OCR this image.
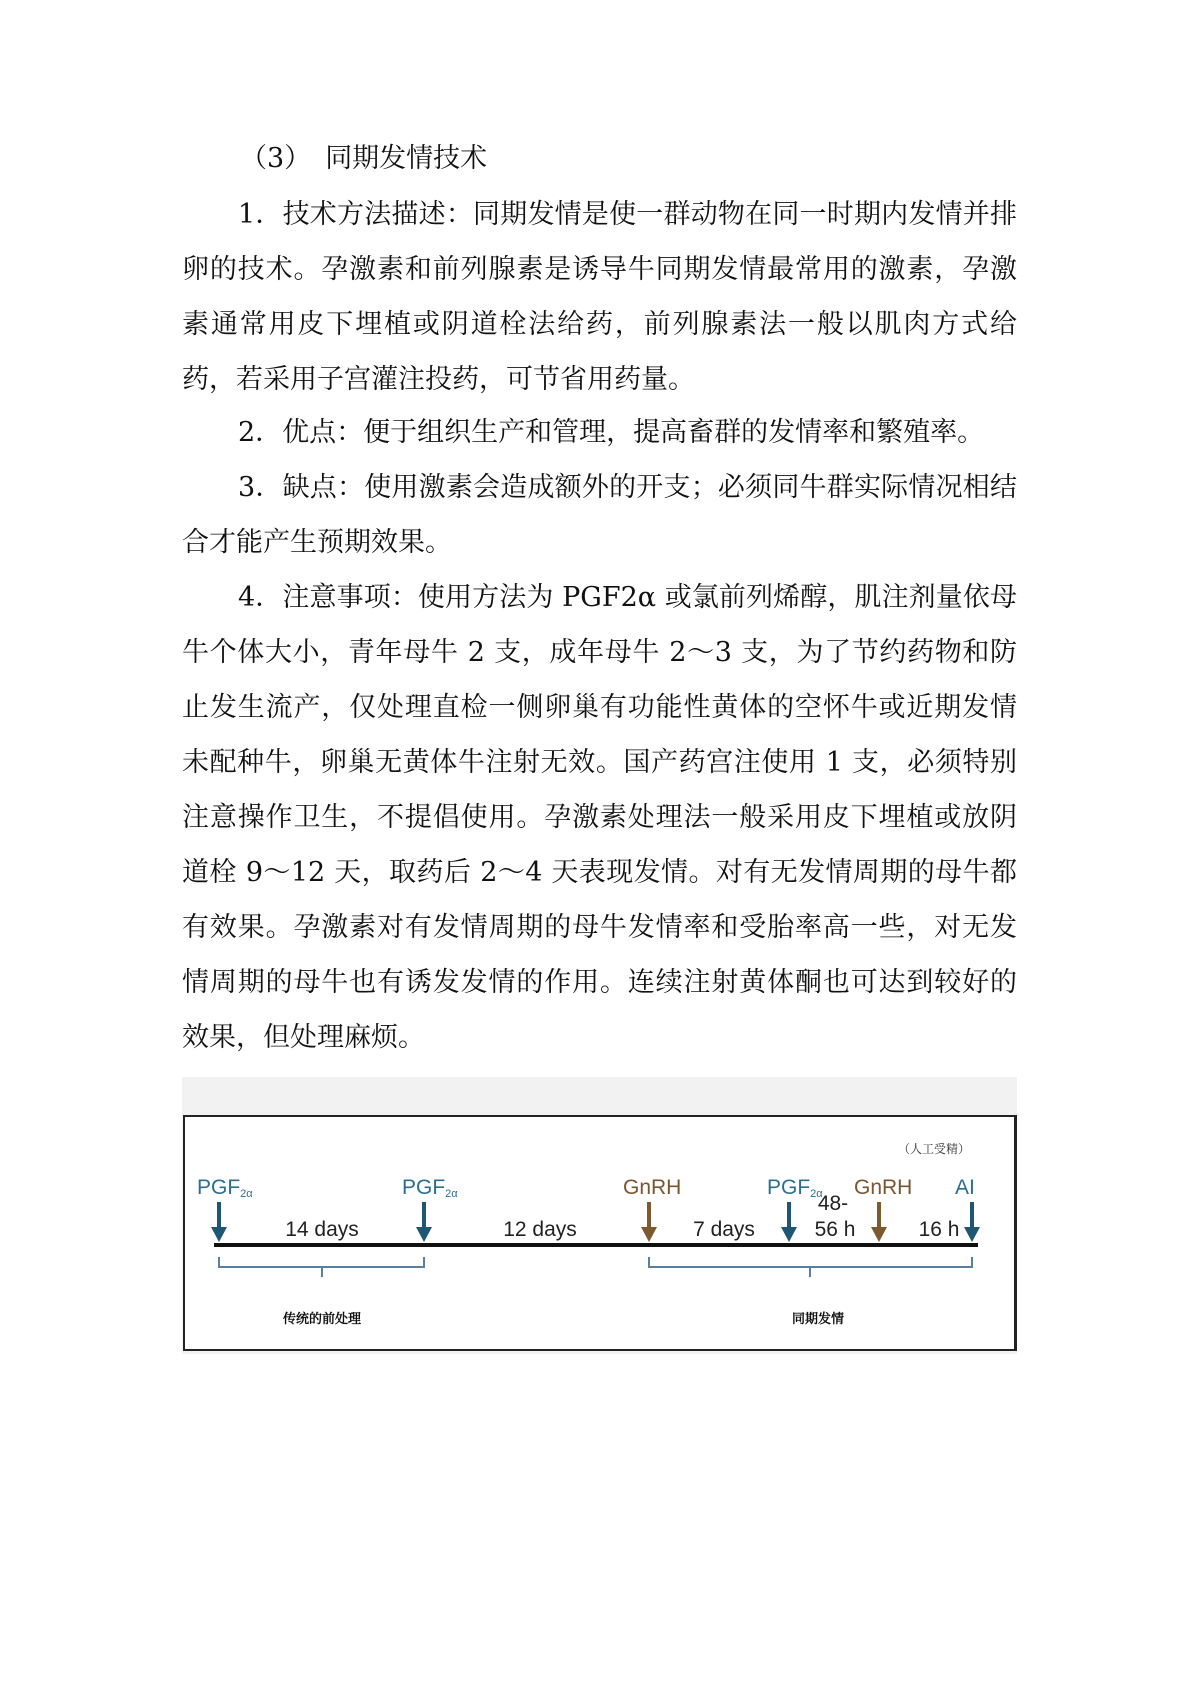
（3） 同期发情技术

1．技术方法描述：同期发情是使一群动物在同一时期内发情并排卵的技术。孕激素和前列腺素是诱导牛同期发情最常用的激素，孕激素通常用皮下埋植或阴道栓法给药，前列腺素法一般以肌肉方式给药，若采用子宫灌注投药，可节省用药量。

2．优点：便于组织生产和管理，提高畜群的发情率和繁殖率。

3．缺点：使用激素会造成额外的开支；必须同牛群实际情况相结合才能产生预期效果。

4．注意事项：使用方法为 PGF2α 或氯前列烯醇，肌注剂量依母牛个体大小，青年母牛 2 支，成年母牛 2～3 支，为了节约药物和防止发生流产，仅处理直检一侧卵巢有功能性黄体的空怀牛或近期发情未配种牛，卵巢无黄体牛注射无效。国产药宫注使用 1 支，必须特别注意操作卫生，不提倡使用。孕激素处理法一般采用皮下埋植或放阴道栓 9～12 天，取药后 2～4 天表现发情。对有无发情周期的母牛都有效果。孕激素对有发情周期的母牛发情率和受胎率高一些，对无发情周期的母牛也有诱发发情的作用。连续注射黄体酮也可达到较好的效果，但处理麻烦。

（人工受精）
PGF2α	PGF2α	GnRH	PGF2α GnRH AI
14 days	12 days	7 days
48-
56 h	16 h
传统的前处理	同期发情
